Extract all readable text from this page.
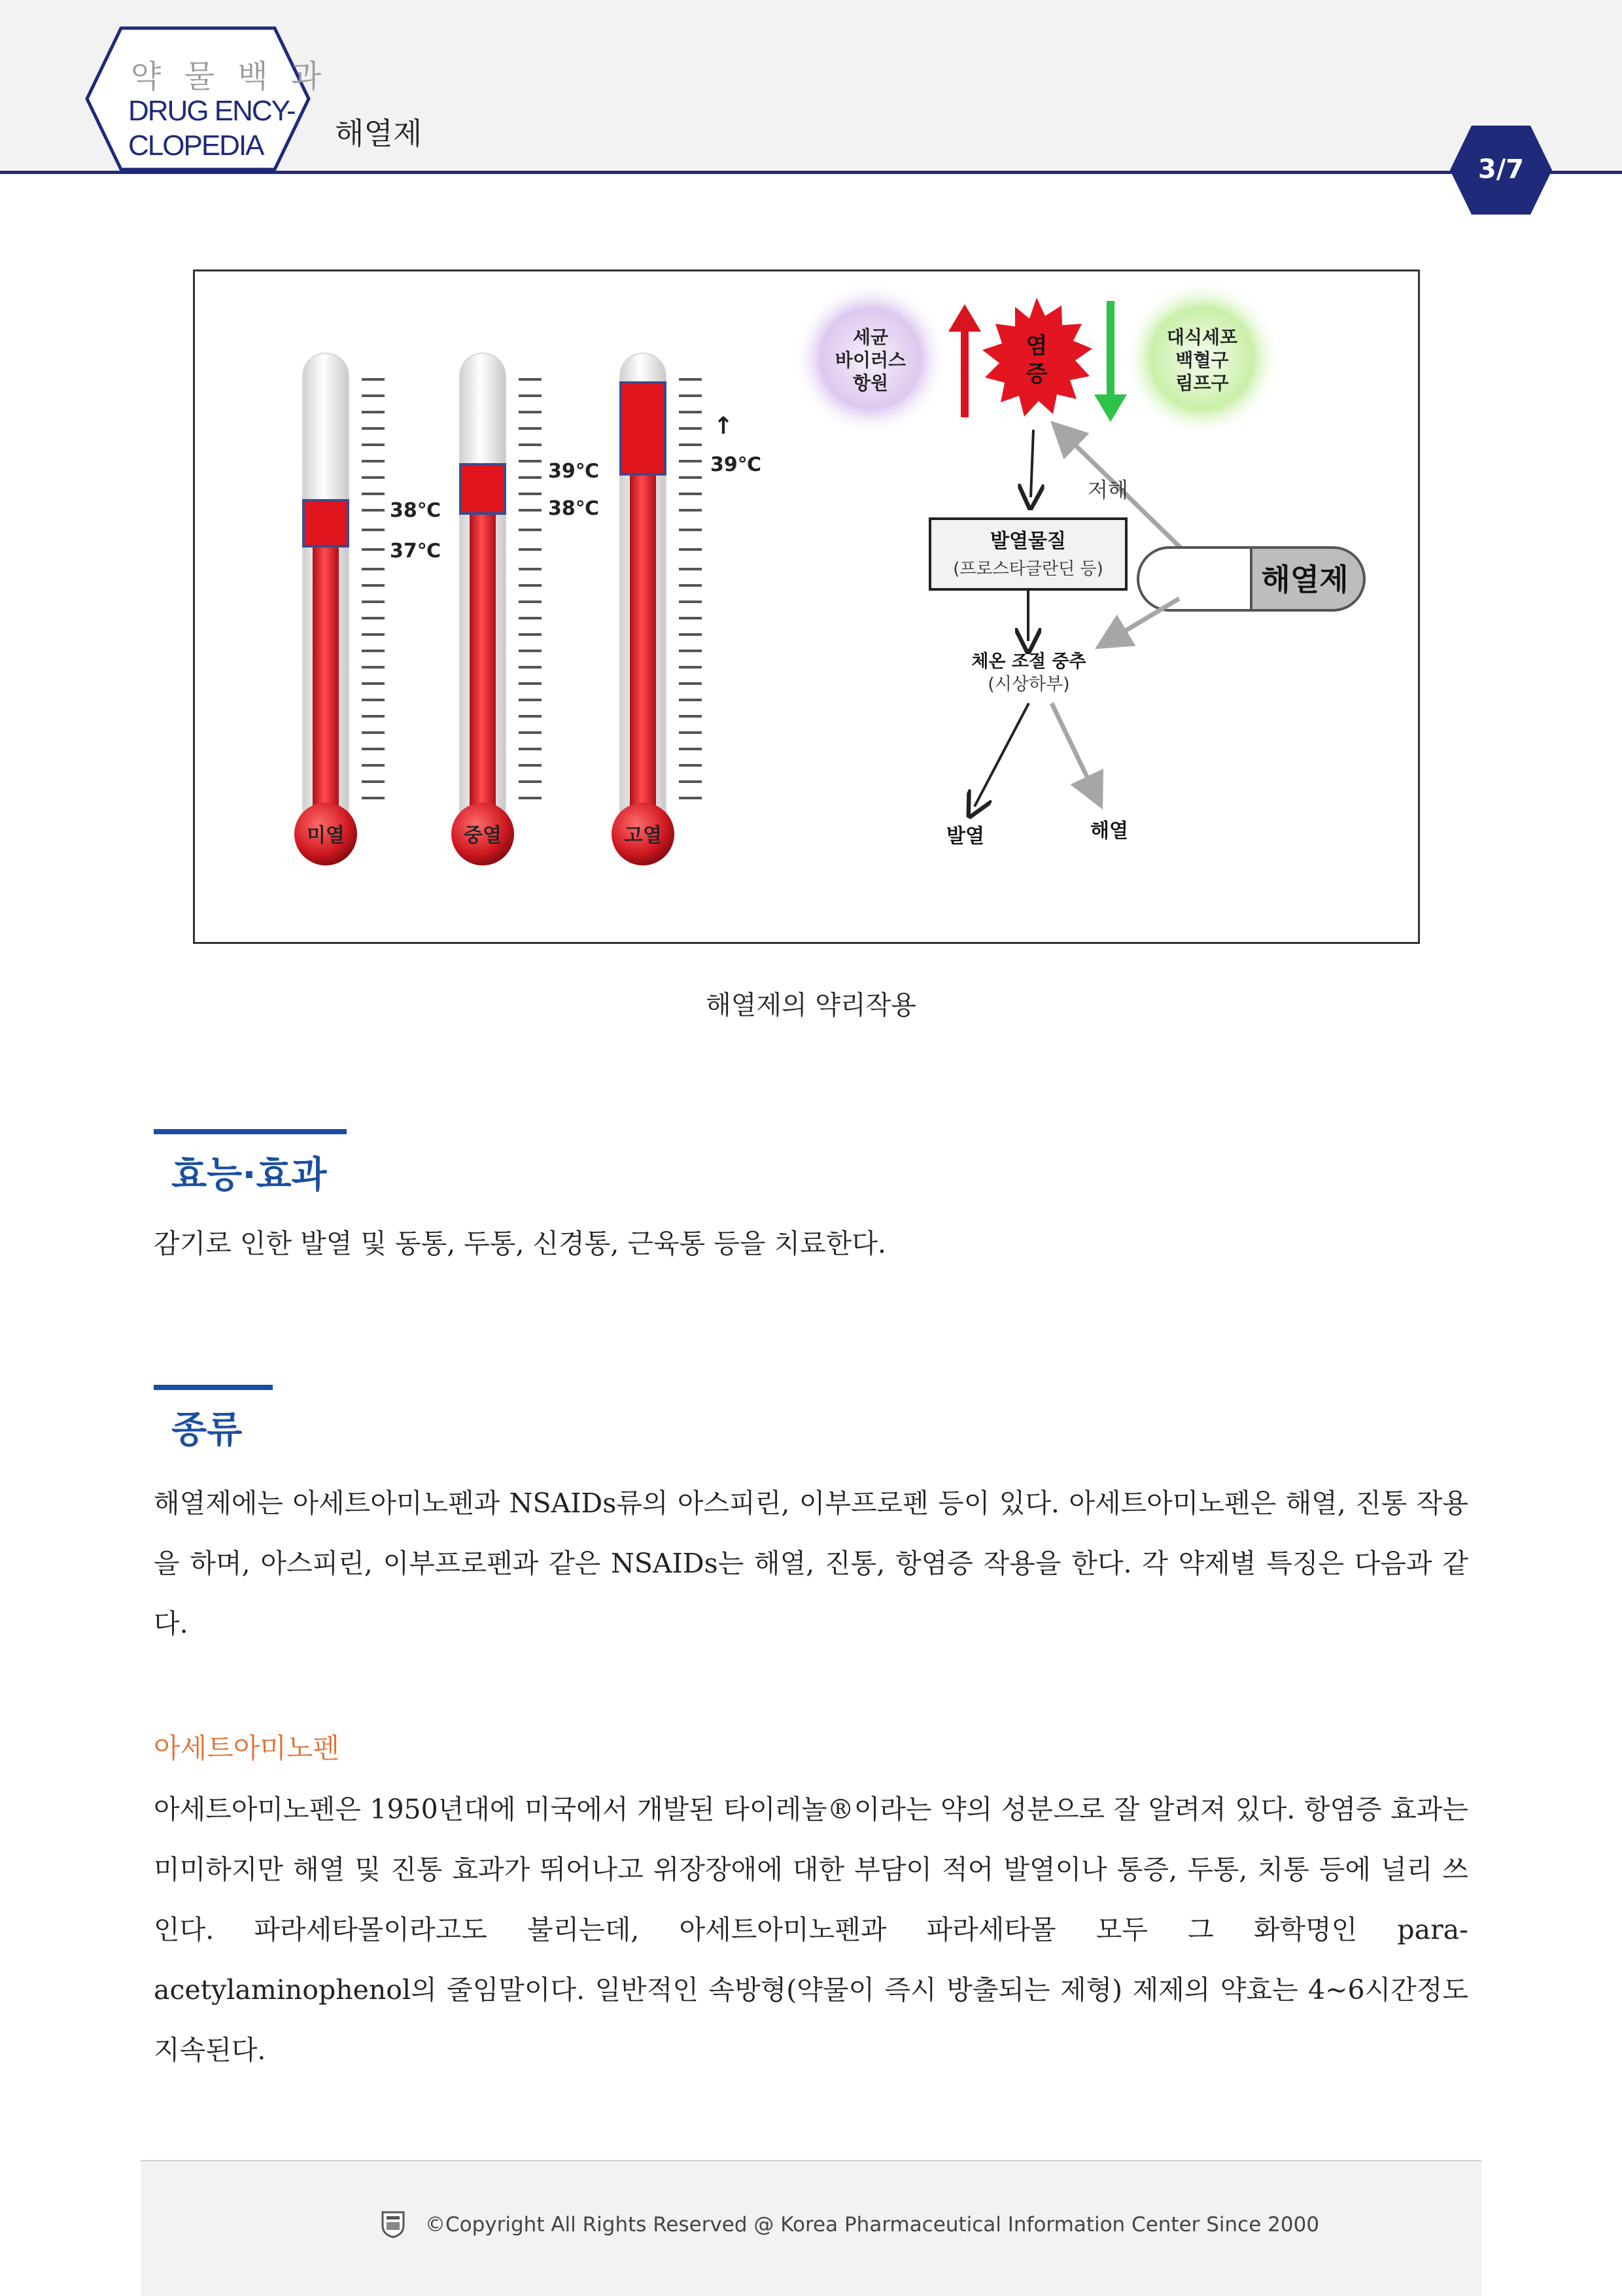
약 물 백 과
DRUG ENCY-
CLOPEDIA 해열제
3/7
38℃
37℃
미열
39℃
38℃
중열
↑
39℃
고열
세균
바이러스
항원
염
증
대식세포
백혈구
림프구
저해
발열물질
(프로스타글란딘 등)	해열제
체온 조절 중추
(시상하부)
발열	해열
해열제의 약리작용
효능·효과
감기로 인한 발열 및 동통, 두통, 신경통, 근육통 등을 치료한다.
종류
해열제에는 아세트아미노펜과 NSAIDs류의 아스피린, 이부프로펜 등이 있다. 아세트아미노펜은 해열, 진통 작용을 하며, 아스피린, 이부프로펜과 같은 NSAIDs는 해열, 진통, 항염증 작용을 한다. 각 약제별 특징은 다음과 같다.
아세트아미노펜
아세트아미노펜은 1950년대에 미국에서 개발된 타이레놀®이라는 약의 성분으로 잘 알려져 있다. 항염증 효과는 미미하지만 해열 및 진통 효과가 뛰어나고 위장장애에 대한 부담이 적어 발열이나 통증, 두통, 치통 등에 널리 쓰인다. 파라세타몰이라고도 불리는데, 아세트아미노펜과 파라세타몰 모두 그 화학명인 para-acetylaminophenol의 줄임말이다. 일반적인 속방형(약물이 즉시 방출되는 제형) 제제의 약효는 4~6시간정도 지속된다.
©Copyright All Rights Reserved @ Korea Pharmaceutical Information Center Since 2000
